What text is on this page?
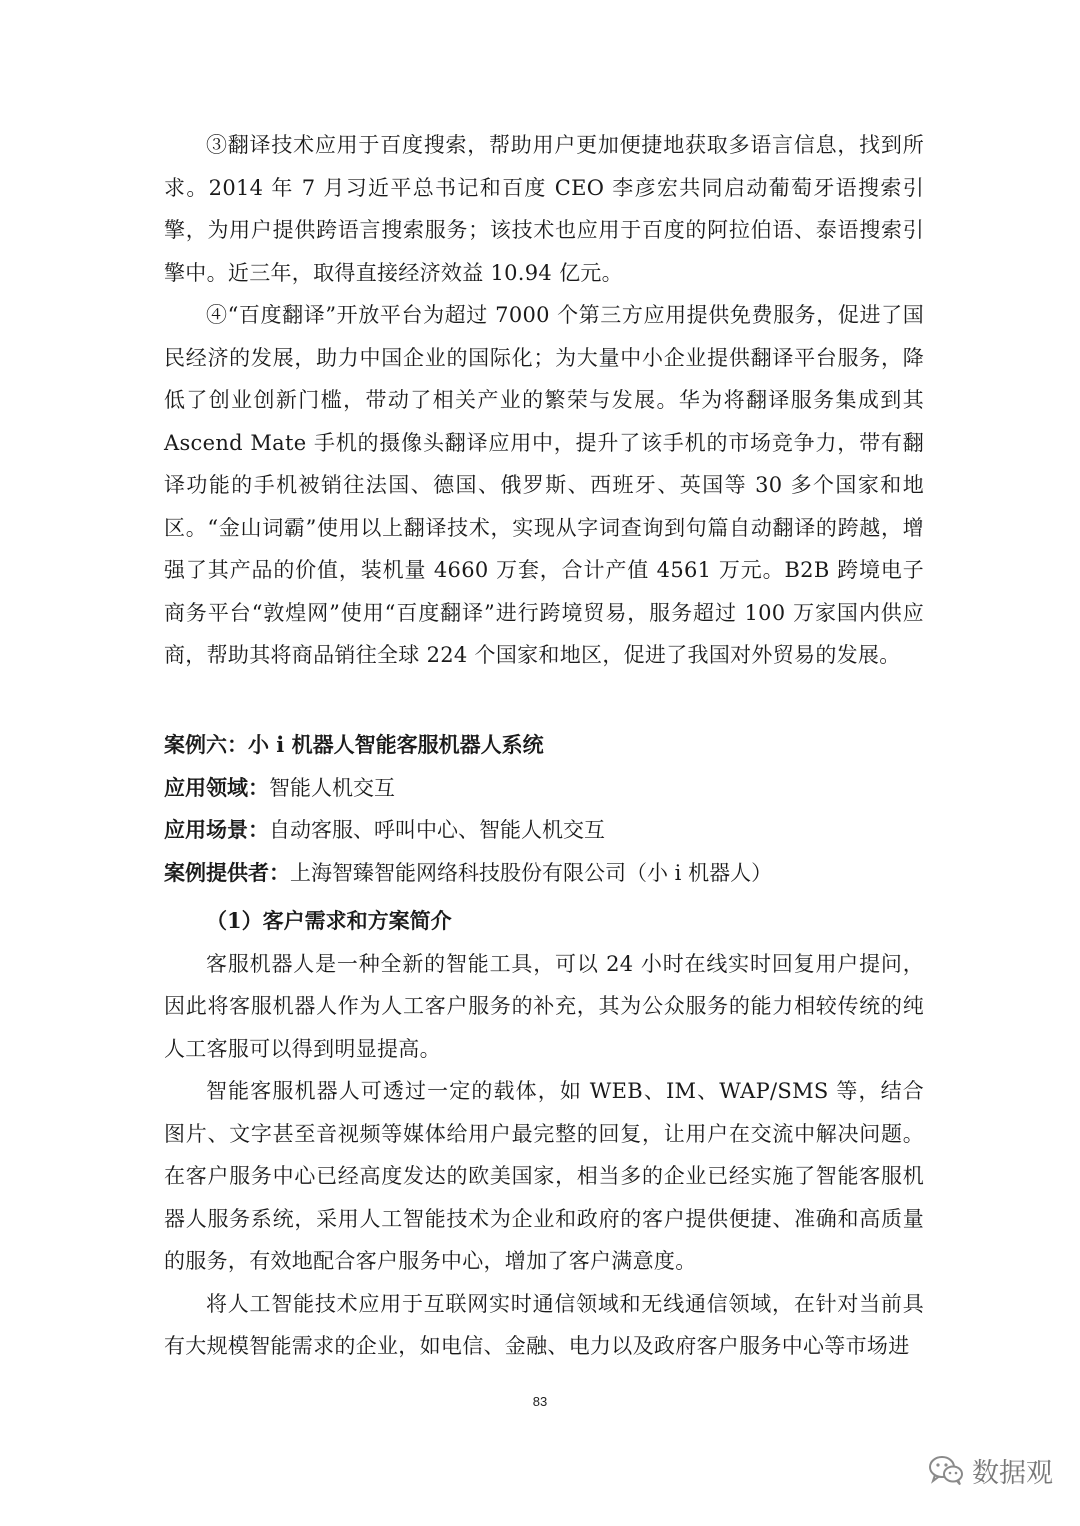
③翻译技术应用于百度搜索，帮助用户更加便捷地获取多语言信息，找到所求。2014 年 7 月习近平总书记和百度 CEO 李彦宏共同启动葡萄牙语搜索引擎，为用户提供跨语言搜索服务；该技术也应用于百度的阿拉伯语、泰语搜索引擎中。近三年，取得直接经济效益 10.94 亿元。

④“百度翻译”开放平台为超过 7000 个第三方应用提供免费服务，促进了国民经济的发展，助力中国企业的国际化；为大量中小企业提供翻译平台服务，降低了创业创新门槛，带动了相关产业的繁荣与发展。华为将翻译服务集成到其 Ascend Mate 手机的摄像头翻译应用中，提升了该手机的市场竞争力，带有翻译功能的手机被销往法国、德国、俄罗斯、西班牙、英国等 30 多个国家和地区。“金山词霸”使用以上翻译技术，实现从字词查询到句篇自动翻译的跨越，增强了其产品的价值，装机量 4660 万套，合计产值 4561 万元。B2B 跨境电子商务平台“敦煌网”使用“百度翻译”进行跨境贸易，服务超过 100 万家国内供应商，帮助其将商品销往全球 224 个国家和地区，促进了我国对外贸易的发展。

案例六：小 i 机器人智能客服机器人系统

应用领域：智能人机交互

应用场景：自动客服、呼叫中心、智能人机交互

案例提供者：上海智臻智能网络科技股份有限公司（小 i 机器人）

（1）客户需求和方案简介

客服机器人是一种全新的智能工具，可以 24 小时在线实时回复用户提问，因此将客服机器人作为人工客户服务的补充，其为公众服务的能力相较传统的纯人工客服可以得到明显提高。

智能客服机器人可透过一定的载体，如 WEB、IM、WAP/SMS 等，结合图片、文字甚至音视频等媒体给用户最完整的回复，让用户在交流中解决问题。在客户服务中心已经高度发达的欧美国家，相当多的企业已经实施了智能客服机器人服务系统，采用人工智能技术为企业和政府的客户提供便捷、准确和高质量的服务，有效地配合客户服务中心，增加了客户满意度。

将人工智能技术应用于互联网实时通信领域和无线通信领域，在针对当前具有大规模智能需求的企业，如电信、金融、电力以及政府客户服务中心等市场进

83
数据观
